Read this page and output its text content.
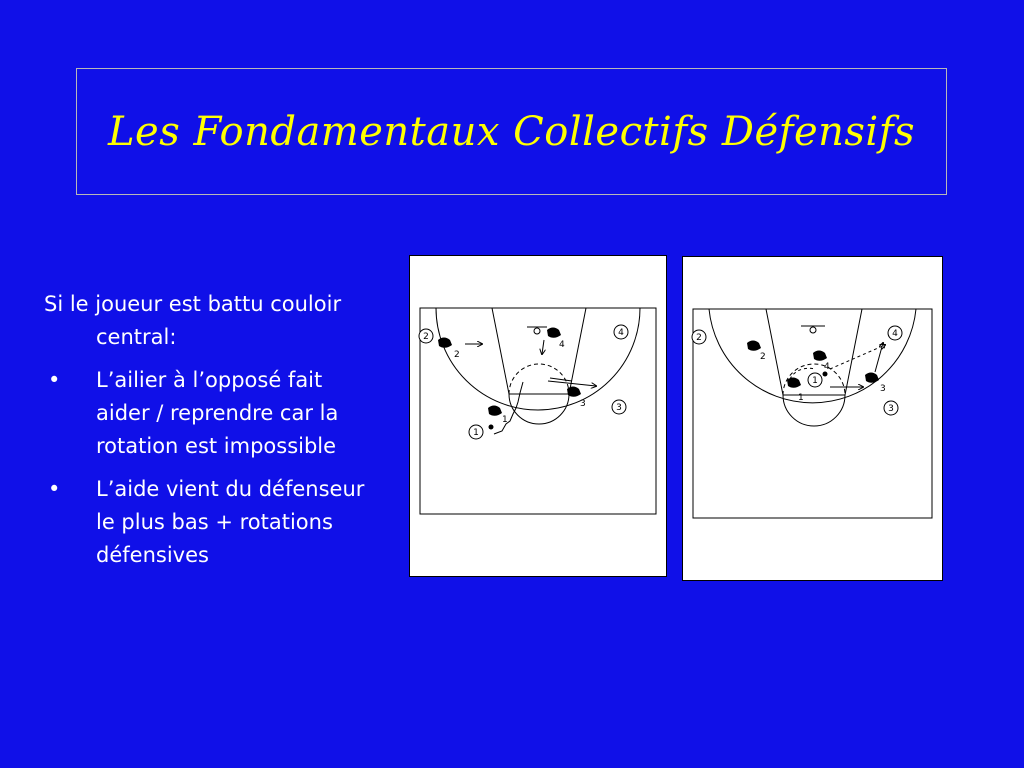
Les Fondamentaux Collectifs Défensifs

Si le joueur est battu couloir central:

• L’ailier à l’opposé fait aider / reprendre car la rotation est impossible
• L’aide vient du défenseur le plus bas + rotations défensives
2	4
3
1
2
4
3
1
2	4
3
1
2
4
3
1
